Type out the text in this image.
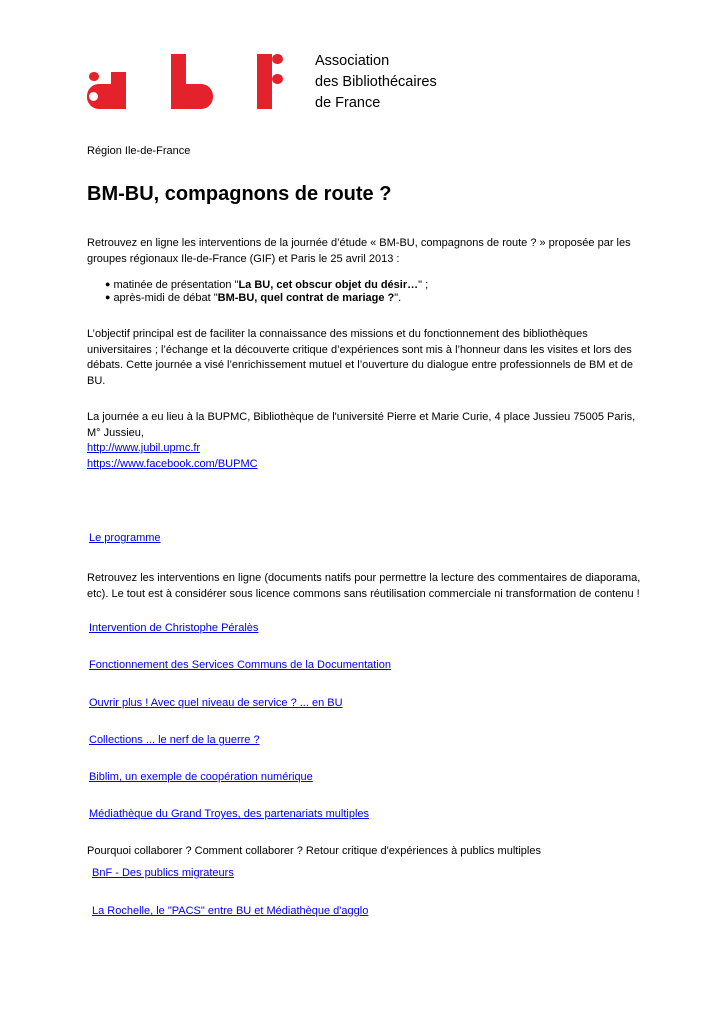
Association
des Bibliothécaires
de France
Région Ile-de-France
BM-BU, compagnons de route ?

Retrouvez en ligne les interventions de la journée d’étude « BM-BU, compagnons de route ? » proposée par les groupes régionaux Ile-de-France (GIF) et Paris le 25 avril 2013 :

● matinée de présentation "La BU, cet obscur objet du désir…" ;
● après-midi de débat "BM-BU, quel contrat de mariage ?".

L’objectif principal est de faciliter la connaissance des missions et du fonctionnement des bibliothèques universitaires ; l’échange et la découverte critique d’expériences sont mis à l’honneur dans les visites et lors des débats. Cette journée a visé l’enrichissement mutuel et l’ouverture du dialogue entre professionnels de BM et de BU.

La journée a eu lieu à la BUPMC, Bibliothèque de l'université Pierre et Marie Curie, 4 place Jussieu 75005 Paris, M° Jussieu,
http://www.jubil.upmc.fr
https://www.facebook.com/BUPMC
Le programme

Retrouvez les interventions en ligne (documents natifs pour permettre la lecture des commentaires de diaporama, etc). Le tout est à considérer sous licence commons sans réutilisation commerciale ni transformation de contenu !

Intervention de Christophe Péralès
Fonctionnement des Services Communs de la Documentation
Ouvrir plus ! Avec quel niveau de service ? ... en BU
Collections ... le nerf de la guerre ?
Biblim, un exemple de coopération numérique
Médiathèque du Grand Troyes, des partenariats multiples
Pourquoi collaborer ? Comment collaborer ? Retour critique d'expériences à publics multiples
BnF - Des publics migrateurs
La Rochelle, le "PACS" entre BU et Médiathèque d'agglo
